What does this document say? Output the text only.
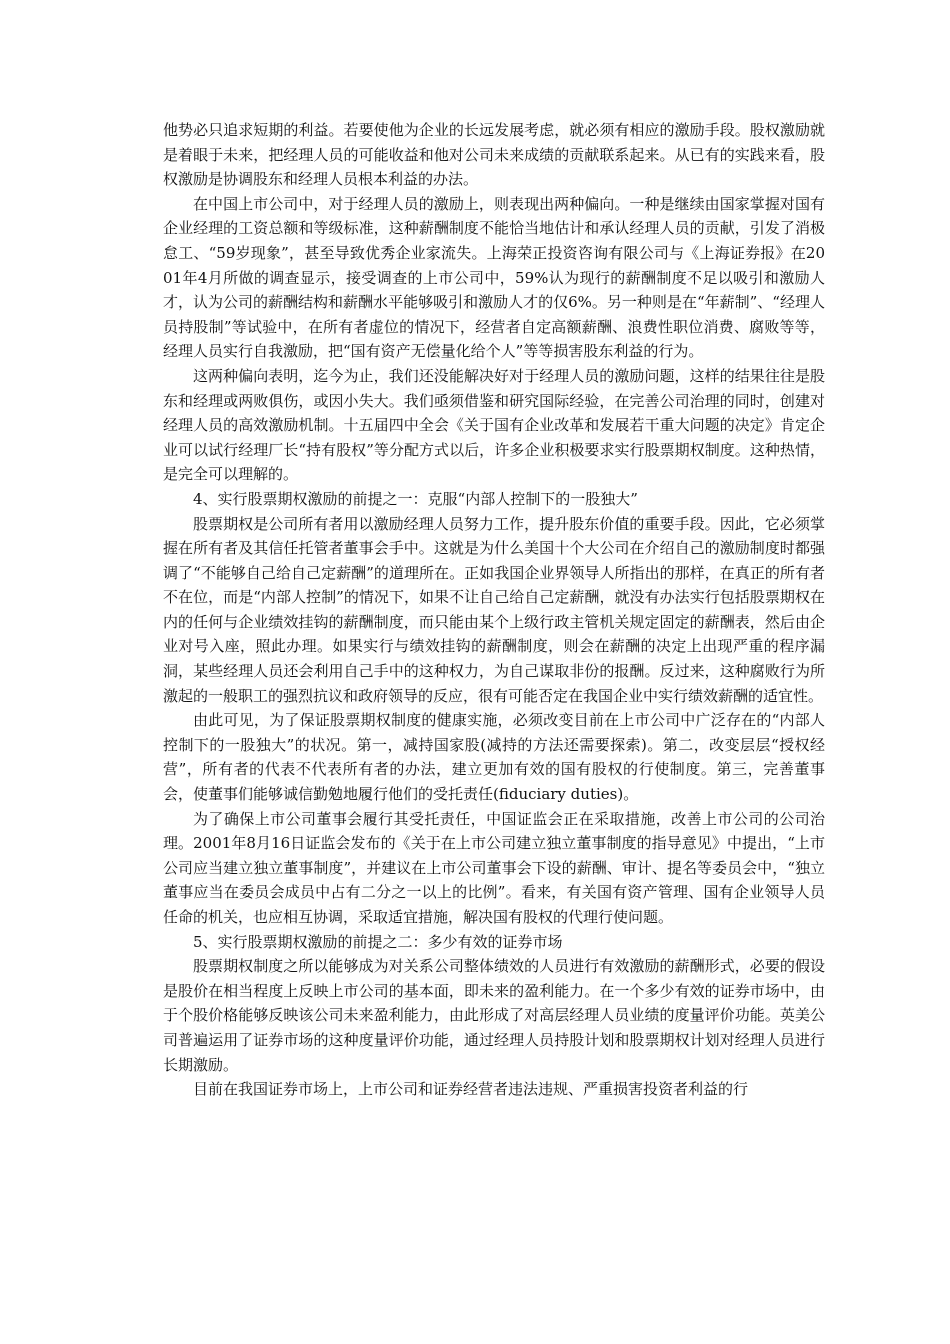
他势必只追求短期的利益。若要使他为企业的长远发展考虑，就必须有相应的激励手段。股权激励就是着眼于未来，把经理人员的可能收益和他对公司未来成绩的贡献联系起来。从已有的实践来看，股权激励是协调股东和经理人员根本利益的办法。

在中国上市公司中，对于经理人员的激励上，则表现出两种偏向。一种是继续由国家掌握对国有企业经理的工资总额和等级标准，这种薪酬制度不能恰当地估计和承认经理人员的贡献，引发了消极怠工、“59岁现象”，甚至导致优秀企业家流失。上海荣正投资咨询有限公司与《上海证券报》在2001年4月所做的调查显示，接受调查的上市公司中，59%认为现行的薪酬制度不足以吸引和激励人才，认为公司的薪酬结构和薪酬水平能够吸引和激励人才的仅6%。另一种则是在“年薪制”、“经理人员持股制”等试验中，在所有者虚位的情况下，经营者自定高额薪酬、浪费性职位消费、腐败等等，经理人员实行自我激励，把“国有资产无偿量化给个人”等等损害股东利益的行为。

这两种偏向表明，迄今为止，我们还没能解决好对于经理人员的激励问题，这样的结果往往是股东和经理或两败俱伤，或因小失大。我们亟须借鉴和研究国际经验，在完善公司治理的同时，创建对经理人员的高效激励机制。十五届四中全会《关于国有企业改革和发展若干重大问题的决定》肯定企业可以试行经理厂长“持有股权”等分配方式以后，许多企业积极要求实行股票期权制度。这种热情，是完全可以理解的。

4、实行股票期权激励的前提之一：克服“内部人控制下的一股独大”

股票期权是公司所有者用以激励经理人员努力工作，提升股东价值的重要手段。因此，它必须掌握在所有者及其信任托管者董事会手中。这就是为什么美国十个大公司在介绍自己的激励制度时都强调了“不能够自己给自己定薪酬”的道理所在。正如我国企业界领导人所指出的那样，在真正的所有者不在位，而是“内部人控制”的情况下，如果不让自己给自己定薪酬，就没有办法实行包括股票期权在内的任何与企业绩效挂钩的薪酬制度，而只能由某个上级行政主管机关规定固定的薪酬表，然后由企业对号入座，照此办理。如果实行与绩效挂钩的薪酬制度，则会在薪酬的决定上出现严重的程序漏洞，某些经理人员还会利用自己手中的这种权力，为自己谋取非份的报酬。反过来，这种腐败行为所激起的一般职工的强烈抗议和政府领导的反应，很有可能否定在我国企业中实行绩效薪酬的适宜性。

由此可见，为了保证股票期权制度的健康实施，必须改变目前在上市公司中广泛存在的“内部人控制下的一股独大”的状况。第一，减持国家股(减持的方法还需要探索)。第二，改变层层“授权经营”，所有者的代表不代表所有者的办法，建立更加有效的国有股权的行使制度。第三，完善董事会，使董事们能够诚信勤勉地履行他们的受托责任(fiduciary duties)。

为了确保上市公司董事会履行其受托责任，中国证监会正在采取措施，改善上市公司的公司治理。2001年8月16日证监会发布的《关于在上市公司建立独立董事制度的指导意见》中提出，“上市公司应当建立独立董事制度”，并建议在上市公司董事会下设的薪酬、审计、提名等委员会中，“独立董事应当在委员会成员中占有二分之一以上的比例”。看来，有关国有资产管理、国有企业领导人员任命的机关，也应相互协调，采取适宜措施，解决国有股权的代理行使问题。

5、实行股票期权激励的前提之二：多少有效的证券市场

股票期权制度之所以能够成为对关系公司整体绩效的人员进行有效激励的薪酬形式，必要的假设是股价在相当程度上反映上市公司的基本面，即未来的盈利能力。在一个多少有效的证券市场中，由于个股价格能够反映该公司未来盈利能力，由此形成了对高层经理人员业绩的度量评价功能。英美公司普遍运用了证券市场的这种度量评价功能，通过经理人员持股计划和股票期权计划对经理人员进行长期激励。

目前在我国证券市场上，上市公司和证券经营者违法违规、严重损害投资者利益的行
